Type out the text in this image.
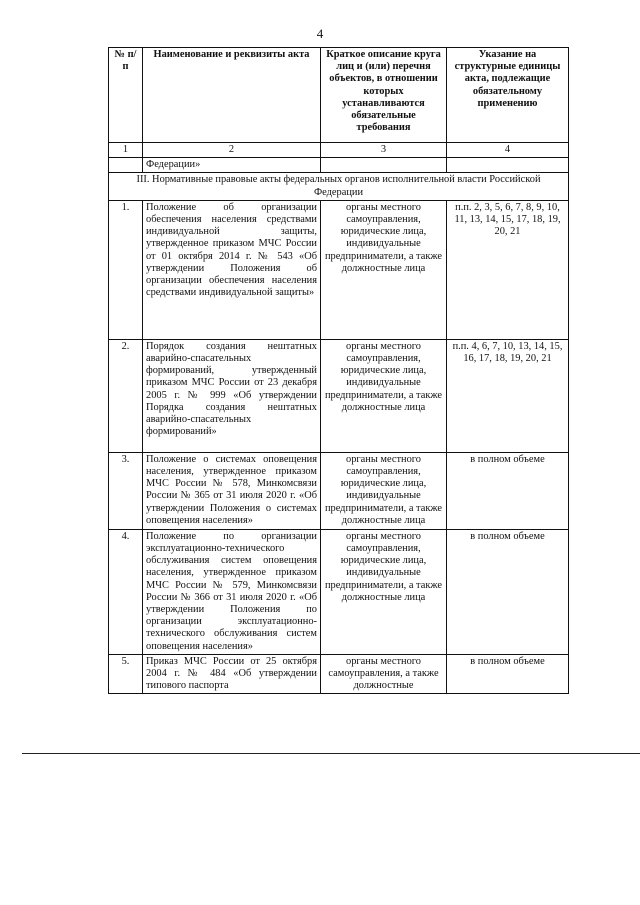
4
№ п/п	Наименование и реквизиты акта	Краткое описание круга лиц и (или) перечня объектов, в отношении которых устанавливаются обязательные требования	Указание на структурные единицы акта, подлежащие обязательному применению
1	2	3	4
	Федерации»		
III. Нормативные правовые акты федеральных органов исполнительной власти Российской Федерации			
1.	Положение об организации обеспечения населения средствами индивидуальной защиты, утвержденное приказом МЧС России от 01 октября 2014 г. № 543 «Об утверждении Положения об организации обеспечения населения средствами индивидуальной защиты»	органы местного самоуправления, юридические лица, индивидуальные предприниматели, а также должностные лица	п.п. 2, 3, 5, 6, 7, 8, 9, 10, 11, 13, 14, 15, 17, 18, 19, 20, 21
2.	Порядок создания нештатных аварийно-спасательных формирований, утвержденный приказом МЧС России от 23 декабря 2005 г. № 999 «Об утверждении Порядка создания нештатных аварийно-спасательных формирований»	органы местного самоуправления, юридические лица, индивидуальные предприниматели, а также должностные лица	п.п. 4, 6, 7, 10, 13, 14, 15, 16, 17, 18, 19, 20, 21
3.	Положение о системах оповещения населения, утвержденное приказом МЧС России № 578, Минкомсвязи России № 365 от 31 июля 2020 г. «Об утверждении Положения о системах оповещения населения»	органы местного самоуправления, юридические лица, индивидуальные предприниматели, а также должностные лица	в полном объеме
4.	Положение по организации эксплуатационно-технического обслуживания систем оповещения населения, утвержденное приказом МЧС России № 579, Минкомсвязи России № 366 от 31 июля 2020 г. «Об утверждении Положения по организации эксплуатационно-технического обслуживания систем оповещения населения»	органы местного самоуправления, юридические лица, индивидуальные предприниматели, а также должностные лица	в полном объеме
5.	Приказ МЧС России от 25 октября 2004 г. № 484 «Об утверждении типового паспорта	органы местного самоуправления, а также должностные	в полном объеме
